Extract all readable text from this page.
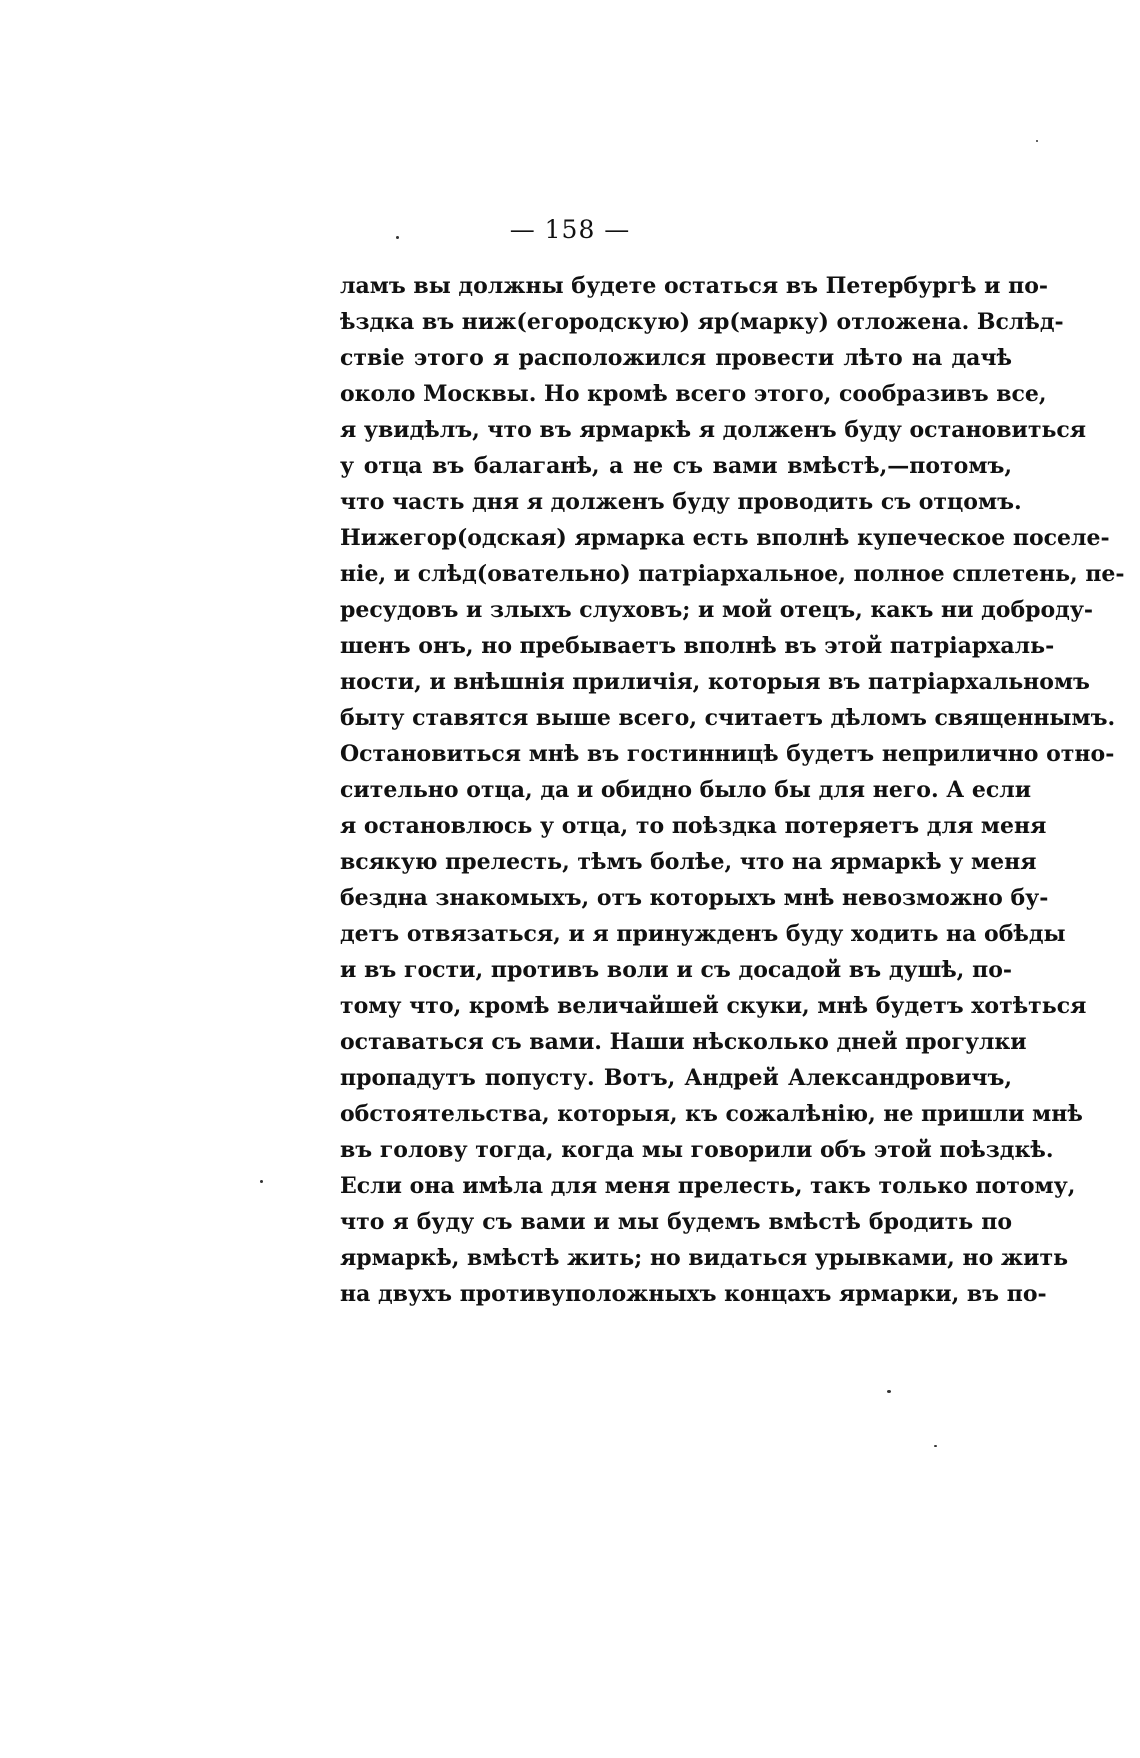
— 158 —
ламъ вы должны будете остаться въ Петербургѣ и по-
ѣздка въ ниж(егородскую) яр(марку) отложена. Вслѣд-
ствіе этого я расположился провести лѣто на дачѣ
около Москвы. Но кромѣ всего этого, сообразивъ все,
я увидѣлъ, что въ ярмаркѣ я долженъ буду остановиться
у отца въ балаганѣ, а не съ вами вмѣстѣ,—потомъ,
что часть дня я долженъ буду проводить съ отцомъ.
Нижегор(одская) ярмарка есть вполнѣ купеческое поселе-
ніе, и слѣд(овательно) патріархальное, полное сплетень, пе-
ресудовъ и злыхъ слуховъ; и мой отецъ, какъ ни доброду-
шенъ онъ, но пребываетъ вполнѣ въ этой патріархаль-
ности, и внѣшнія приличія, которыя въ патріархальномъ
быту ставятся выше всего, считаетъ дѣломъ священнымъ.
Остановиться мнѣ въ гостинницѣ будетъ неприлично отно-
сительно отца, да и обидно было бы для него. А если
я остановлюсь у отца, то поѣздка потеряетъ для меня
всякую прелесть, тѣмъ болѣе, что на ярмаркѣ у меня
бездна знакомыхъ, отъ которыхъ мнѣ невозможно бу-
детъ отвязаться, и я принужденъ буду ходить на обѣды
и въ гости, противъ воли и съ досадой въ душѣ, по-
тому что, кромѣ величайшей скуки, мнѣ будетъ хотѣться
оставаться съ вами. Наши нѣсколько дней прогулки
пропадутъ попусту. Вотъ, Андрей Александровичъ,
обстоятельства, которыя, къ сожалѣнію, не пришли мнѣ
въ голову тогда, когда мы говорили объ этой поѣздкѣ.
Если она имѣла для меня прелесть, такъ только потому,
что я буду съ вами и мы будемъ вмѣстѣ бродить по
ярмаркѣ, вмѣстѣ жить; но видаться урывками, но жить
на двухъ противуположныхъ концахъ ярмарки, въ по-
